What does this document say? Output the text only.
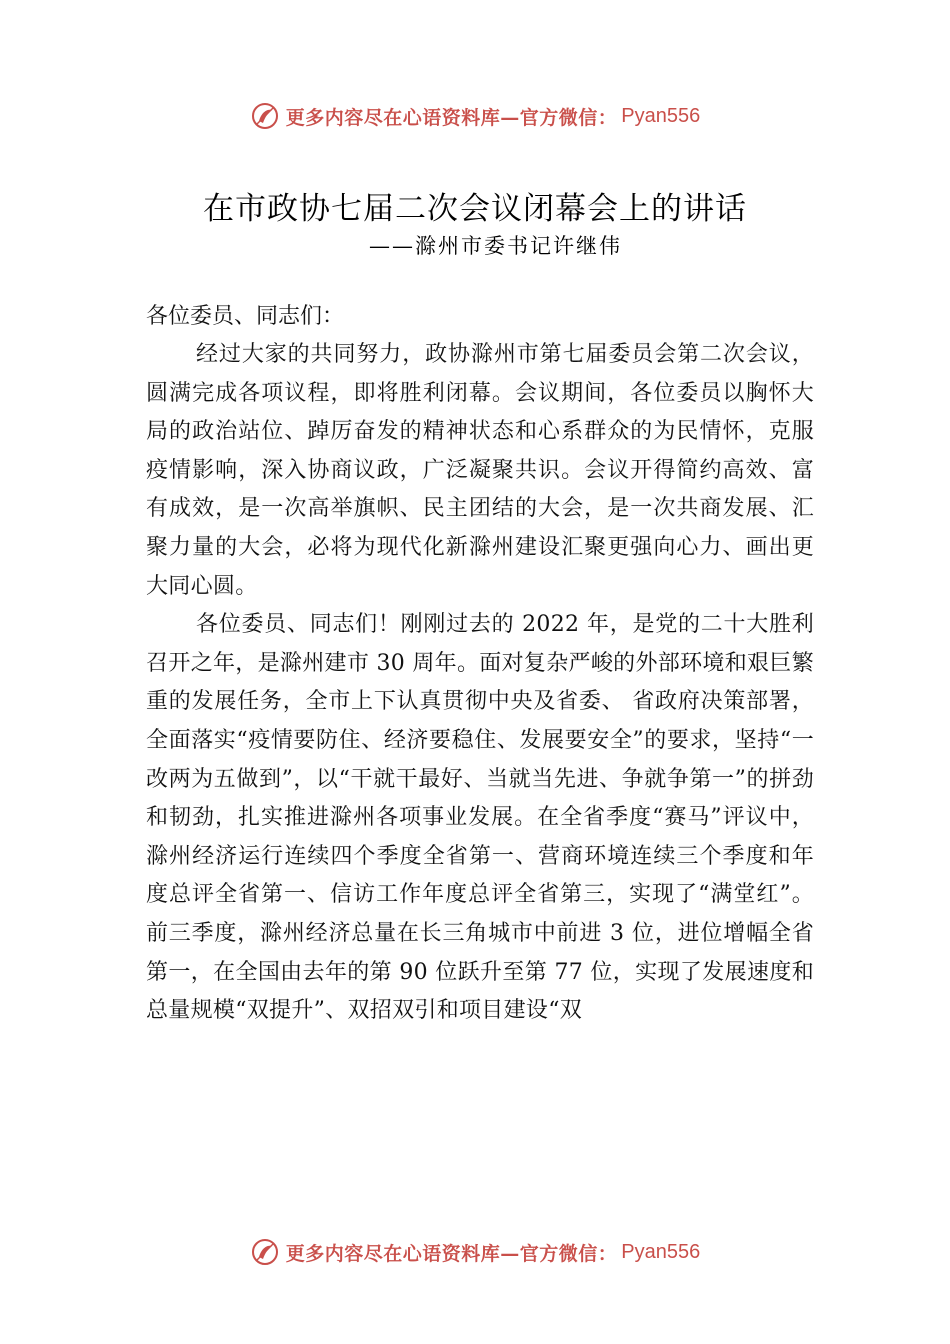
更多内容尽在心语资料库—官方微信： Pyan556
在市政协七届二次会议闭幕会上的讲话
——滁州市委书记许继伟

各位委员、同志们：

经过大家的共同努力，政协滁州市第七届委员会第二次会议，圆满完成各项议程，即将胜利闭幕。会议期间，各位委员以胸怀大局的政治站位、踔厉奋发的精神状态和心系群众的为民情怀，克服疫情影响，深入协商议政，广泛凝聚共识。会议开得简约高效、富有成效，是一次高举旗帜、民主团结的大会，是一次共商发展、汇聚力量的大会，必将为现代化新滁州建设汇聚更强向心力、画出更大同心圆。

各位委员、同志们！刚刚过去的 2022 年，是党的二十大胜利召开之年，是滁州建市 30 周年。面对复杂严峻的外部环境和艰巨繁重的发展任务，全市上下认真贯彻中央及省委、 省政府决策部署，全面落实“疫情要防住、经济要稳住、发展要安全”的要求，坚持“一改两为五做到”，以“干就干最好、当就当先进、争就争第一”的拼劲和韧劲，扎实推进滁州各项事业发展。在全省季度“赛马”评议中，滁州经济运行连续四个季度全省第一、营商环境连续三个季度和年度总评全省第一、信访工作年度总评全省第三，实现了“满堂红”。前三季度，滁州经济总量在长三角城市中前进 3 位，进位增幅全省第一，在全国由去年的第 90 位跃升至第 77 位，实现了发展速度和总量规模“双提升”、双招双引和项目建设“双

更多内容尽在心语资料库—官方微信： Pyan556
